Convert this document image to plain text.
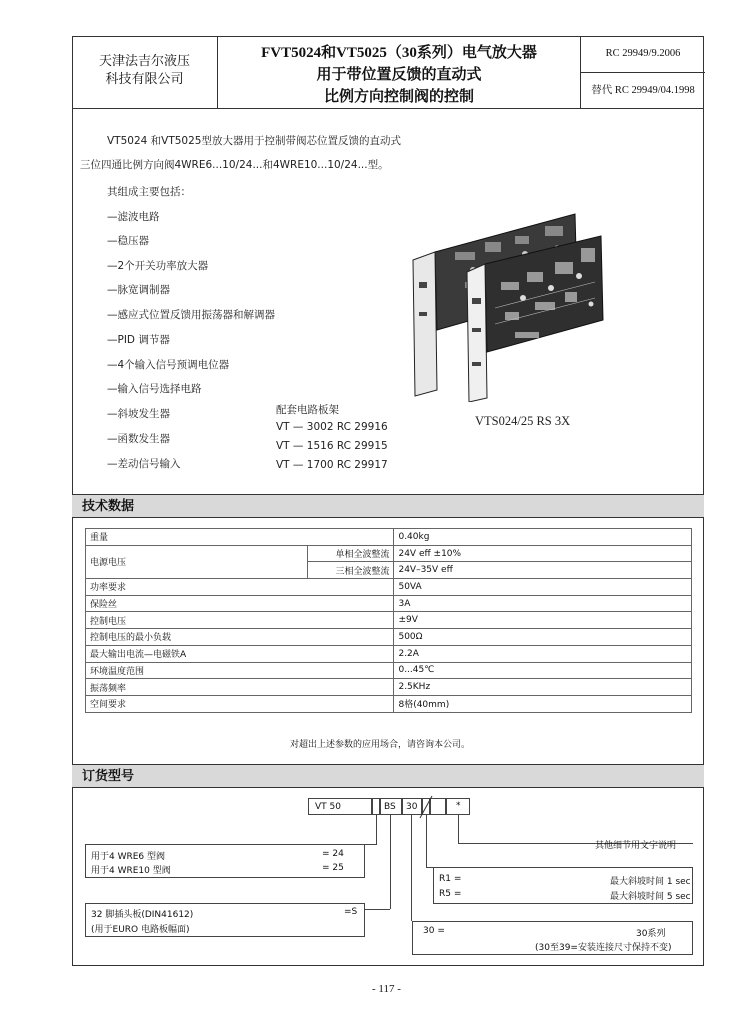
天津法吉尔液压
科技有限公司
FVT5024和VT5025（30系列）电气放大器
用于带位置反馈的直动式
比例方向控制阀的控制
RC 29949/9.2006
替代 RC 29949/04.1998
VT5024 和VT5025型放大器用于控制带阀芯位置反馈的直动式
三位四通比例方向阀4WRE6...10/24...和4WRE10...10/24...型。
其组成主要包括：
—滤波电路
—稳压器
—2个开关功率放大器
—脉宽调制器
—感应式位置反馈用振荡器和解调器
—PID 调节器
—4个输入信号预调电位器
—输入信号选择电路
—斜坡发生器
—函数发生器
—差动信号输入
配套电路板架
VT — 3002 RC 29916
VT — 1516 RC 29915
VT — 1700 RC 29917
VTS024/25 RS 3X
技术数据
重量		0.40kg
电源电压	单相全波整流	24V eff ±10%
	三相全波整流	24V–35V eff
功率要求		50VA
保险丝		3A
控制电压		±9V
控制电压的最小负载		500Ω
最大输出电流—电磁铁A		2.2A
环境温度范围		0...45℃
振荡频率		2.5KHz
空间要求		8格(40mm)
对超出上述参数的应用场合，请咨询本公司。
订货型号
VT 50	BS 30	*
其他细节用文字说明
用于4 WRE6 型阀	= 24
用于4 WRE10 型阀	= 25
R1 =	最大斜坡时间 1 sec
R5 =	最大斜坡时间 5 sec
32 脚插头板(DIN41612)
(用于EURO 电路板幅面)
=S
30 =	30系列
(30至39=安装连接尺寸保持不变)
- 117 -
